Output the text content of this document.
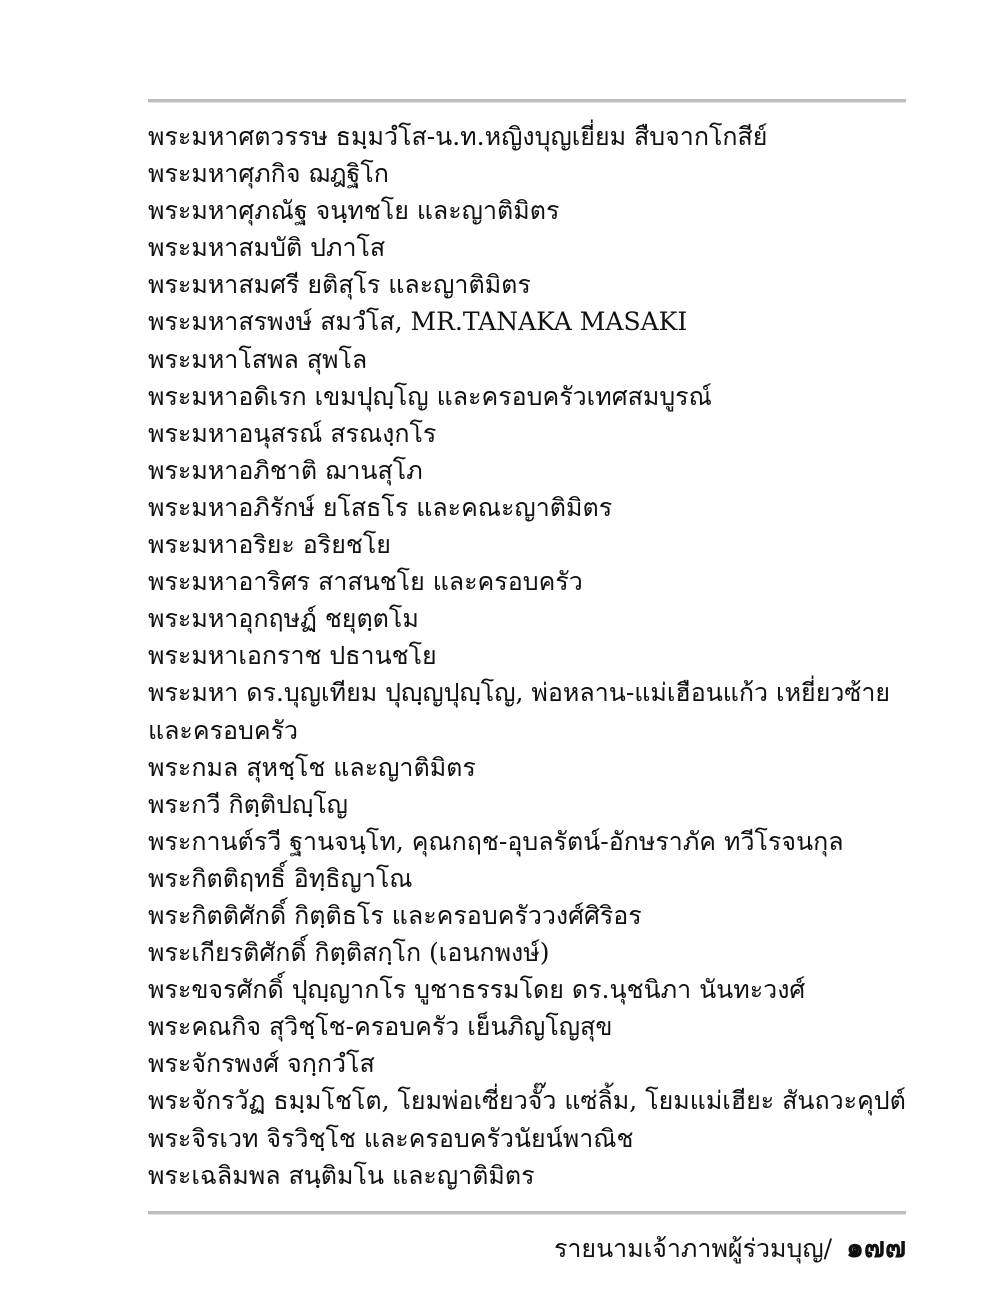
พระมหาศตวรรษ ธมฺมวํโส-น.ท.หญิงบุญเยี่ยม สืบจากโกสีย์
พระมหาศุภกิจ ฌฎฐิโก
พระมหาศุภณัฐ จนฺทชโย และญาติมิตร
พระมหาสมบัติ ปภาโส
พระมหาสมศรี ยติสุโร และญาติมิตร
พระมหาสรพงษ์ สมวํโส, MR.TANAKA MASAKI
พระมหาโสพล สุพโล
พระมหาอดิเรก เขมปุญฺโญ และครอบครัวเทศสมบูรณ์
พระมหาอนุสรณ์ สรณงฺกโร
พระมหาอภิชาติ ฌานสุโภ
พระมหาอภิรักษ์ ยโสธโร และคณะญาติมิตร
พระมหาอริยะ อริยชโย
พระมหาอาริศร สาสนชโย และครอบครัว
พระมหาอุกฤษฏ์ ชยุตฺตโม
พระมหาเอกราช ปธานชโย
พระมหา ดร.บุญเทียม ปุญฺญปุญฺโญ, พ่อหลาน-แม่เฮือนแก้ว เหยี่ยวซ้าย และครอบครัว
พระกมล สุหชฺโช และญาติมิตร
พระกวี กิตฺติปญฺโญ
พระกานต์รวี ฐานจนฺโท, คุณกฤช-อุบลรัตน์-อักษราภัค ทวีโรจนกุล
พระกิตติฤทธิ์ อิทฺธิญาโณ
พระกิตติศักดิ์ กิตฺติธโร และครอบครัววงศ์ศิริอร
พระเกียรติศักดิ์ กิตฺติสกฺโก (เอนกพงษ์)
พระขจรศักดิ์ ปุญฺญากโร บูชาธรรมโดย ดร.นุชนิภา นันทะวงศ์
พระคณกิจ สุวิชฺโช-ครอบครัว เย็นภิญโญสุข
พระจักรพงศ์ จกฺกวํโส
พระจักรวัฏ ธมฺมโชโต, โยมพ่อเซี่ยวจั๊ว แซ่ลิ้ม, โยมแม่เฮียะ สันถวะคุปต์
พระจิรเวท จิรวิชฺโช และครอบครัวนัยน์พาณิช
พระเฉลิมพล สนฺติมโน และญาติมิตร
รายนามเจ้าภาพผู้ร่วมบุญ/ ๑๗๗
